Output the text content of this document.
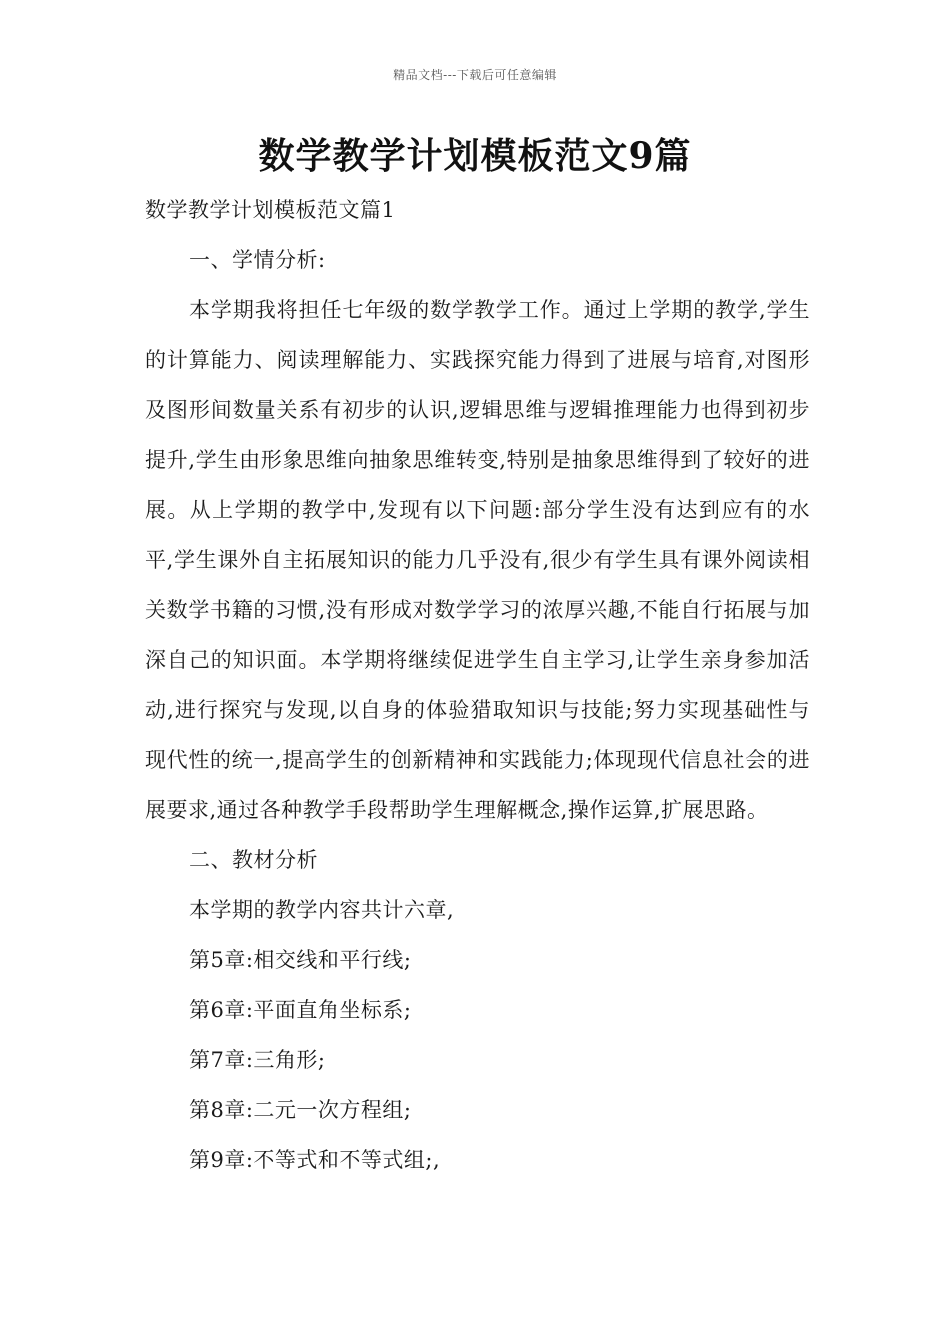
精品文档---下载后可任意编辑
数学教学计划模板范文9篇

数学教学计划模板范文篇1

一、学情分析:

本学期我将担任七年级的数学教学工作。通过上学期的教学,学生的计算能力、阅读理解能力、实践探究能力得到了进展与培育,对图形及图形间数量关系有初步的认识,逻辑思维与逻辑推理能力也得到初步提升,学生由形象思维向抽象思维转变,特别是抽象思维得到了较好的进展。从上学期的教学中,发现有以下问题:部分学生没有达到应有的水平,学生课外自主拓展知识的能力几乎没有,很少有学生具有课外阅读相关数学书籍的习惯,没有形成对数学学习的浓厚兴趣,不能自行拓展与加深自己的知识面。本学期将继续促进学生自主学习,让学生亲身参加活动,进行探究与发现,以自身的体验猎取知识与技能;努力实现基础性与现代性的统一,提高学生的创新精神和实践能力;体现现代信息社会的进展要求,通过各种教学手段帮助学生理解概念,操作运算,扩展思路。

二、教材分析

本学期的教学内容共计六章,

第5章:相交线和平行线;

第6章:平面直角坐标系;

第7章:三角形;

第8章:二元一次方程组;

第9章:不等式和不等式组;,
